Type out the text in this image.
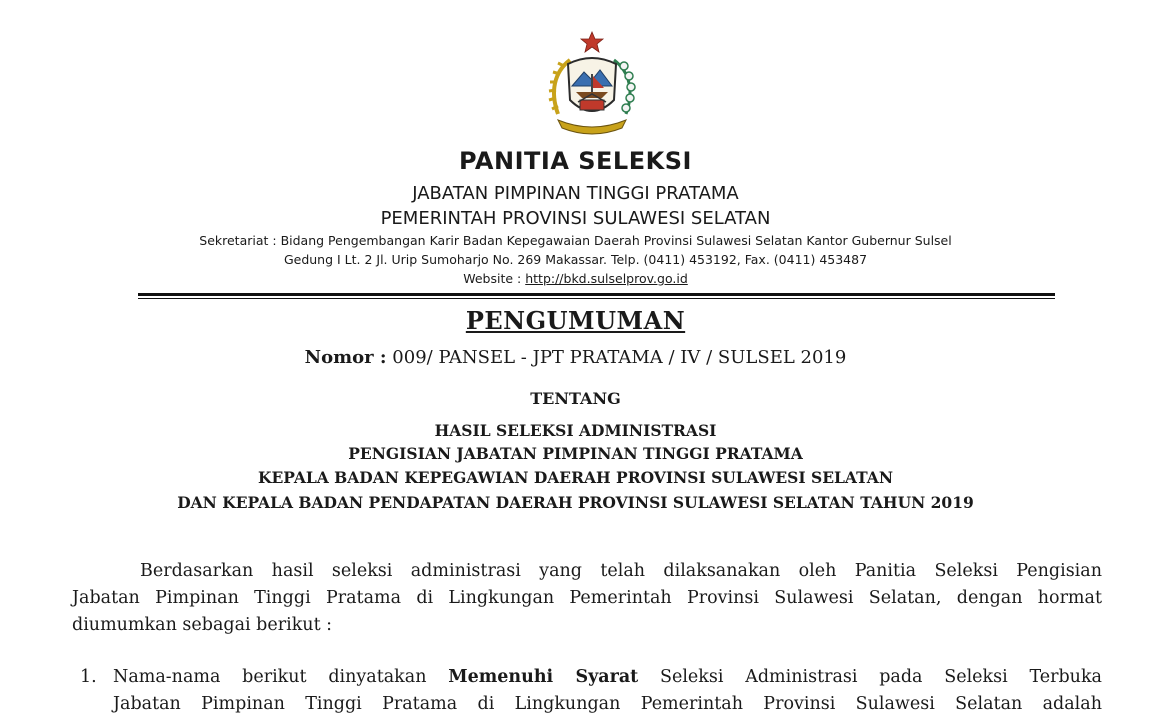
PANITIA SELEKSI
JABATAN PIMPINAN TINGGI PRATAMA
PEMERINTAH PROVINSI SULAWESI SELATAN
Sekretariat : Bidang Pengembangan Karir Badan Kepegawaian Daerah Provinsi Sulawesi Selatan Kantor Gubernur Sulsel
Gedung I Lt. 2 Jl. Urip Sumoharjo No. 269 Makassar. Telp. (0411) 453192, Fax. (0411) 453487
Website : http://bkd.sulselprov.go.id
PENGUMUMAN
Nomor : 009/ PANSEL - JPT PRATAMA / IV / SULSEL 2019
TENTANG
HASIL SELEKSI ADMINISTRASI
PENGISIAN JABATAN PIMPINAN TINGGI PRATAMA
KEPALA BADAN KEPEGAWIAN DAERAH PROVINSI SULAWESI SELATAN
DAN KEPALA BADAN PENDAPATAN DAERAH PROVINSI SULAWESI SELATAN TAHUN 2019
Berdasarkan hasil seleksi administrasi yang telah dilaksanakan oleh Panitia Seleksi Pengisian
Jabatan Pimpinan Tinggi Pratama di Lingkungan Pemerintah Provinsi Sulawesi Selatan, dengan hormat
diumumkan sebagai berikut :
1. Nama-nama berikut dinyatakan Memenuhi Syarat Seleksi Administrasi pada Seleksi Terbuka
Jabatan Pimpinan Tinggi Pratama di Lingkungan Pemerintah Provinsi Sulawesi Selatan adalah
